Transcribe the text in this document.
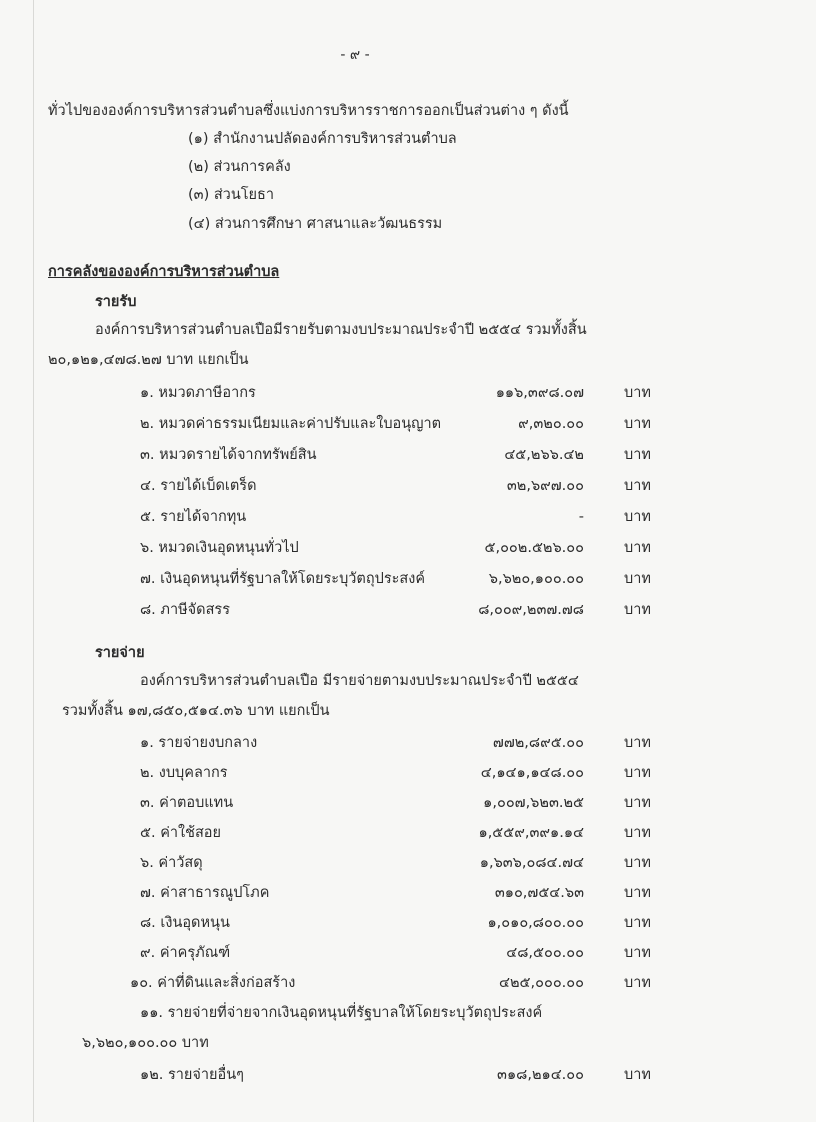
- ๙ -
ทั่วไปขององค์การบริหารส่วนตำบลซึ่งแบ่งการบริหารราชการออกเป็นส่วนต่าง ๆ ดังนี้
(๑) สำนักงานปลัดองค์การบริหารส่วนตำบล
(๒) ส่วนการคลัง
(๓) ส่วนโยธา
(๔) ส่วนการศึกษา ศาสนาและวัฒนธรรม
การคลังขององค์การบริหารส่วนตำบล
รายรับ
องค์การบริหารส่วนตำบลเปือมีรายรับตามงบประมาณประจำปี ๒๕๕๔ รวมทั้งสิ้น
๒๐,๑๒๑,๔๗๘.๒๗ บาท แยกเป็น
๑. หมวดภาษีอากร	๑๑๖,๓๙๘.๐๗	บาท
๒. หมวดค่าธรรมเนียมและค่าปรับและใบอนุญาต	๙,๓๒๐.๐๐	บาท
๓. หมวดรายได้จากทรัพย์สิน	๔๕,๒๖๖.๔๒	บาท
๔. รายได้เบ็ดเตร็ด	๓๒,๖๙๗.๐๐	บาท
๕. รายได้จากทุน	-	บาท
๖. หมวดเงินอุดหนุนทั่วไป	๕,๐๐๒.๕๒๖.๐๐	บาท
๗. เงินอุดหนุนที่รัฐบาลให้โดยระบุวัตถุประสงค์	๖,๖๒๐,๑๐๐.๐๐	บาท
๘. ภาษีจัดสรร	๘,๐๐๙,๒๓๗.๗๘	บาท
รายจ่าย
องค์การบริหารส่วนตำบลเปือ มีรายจ่ายตามงบประมาณประจำปี ๒๕๕๔
รวมทั้งสิ้น ๑๗,๘๕๐,๕๑๔.๓๖ บาท แยกเป็น
๑. รายจ่ายงบกลาง	๗๗๒,๘๙๕.๐๐	บาท
๒. งบบุคลากร	๔,๑๔๑,๑๔๘.๐๐	บาท
๓. ค่าตอบแทน	๑,๐๐๗,๖๒๓.๒๕	บาท
๕. ค่าใช้สอย	๑,๕๕๙,๓๙๑.๑๔	บาท
๖. ค่าวัสดุ	๑,๖๓๖,๐๘๔.๗๔	บาท
๗. ค่าสาธารณูปโภค	๓๑๐,๗๕๔.๖๓	บาท
๘. เงินอุดหนุน	๑,๐๑๐,๘๐๐.๐๐	บาท
๙. ค่าครุภัณฑ์	๔๘,๕๐๐.๐๐	บาท
๑๐. ค่าที่ดินและสิ่งก่อสร้าง	๔๒๕,๐๐๐.๐๐	บาท
๑๑. รายจ่ายที่จ่ายจากเงินอุดหนุนที่รัฐบาลให้โดยระบุวัตถุประสงค์
๖,๖๒๐,๑๐๐.๐๐ บาท
๑๒. รายจ่ายอื่นๆ	๓๑๘,๒๑๔.๐๐	บาท
